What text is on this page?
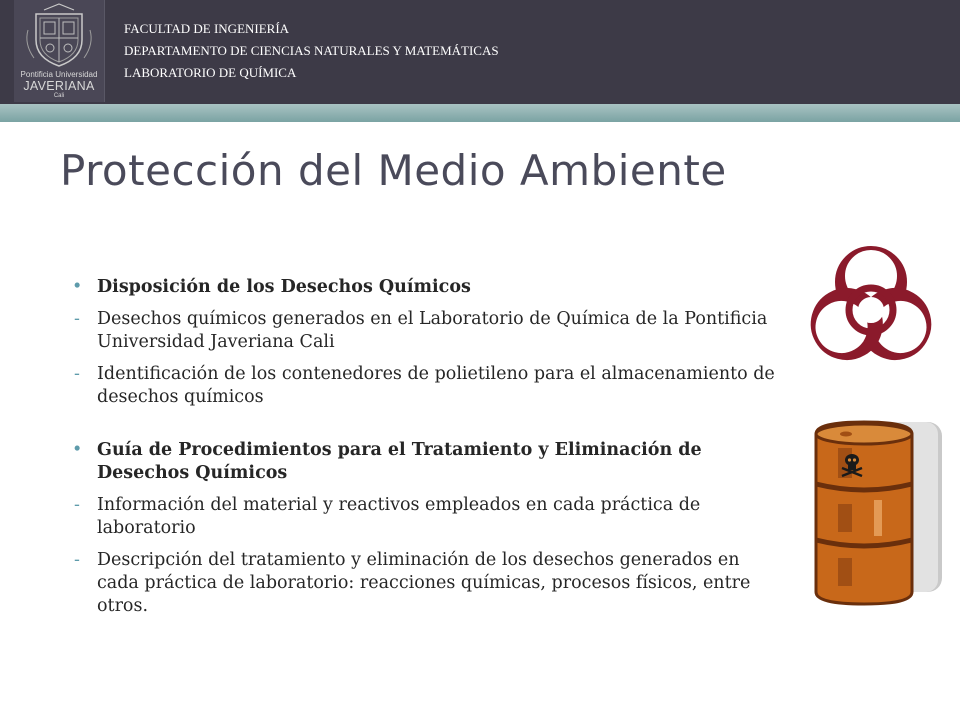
Pontificia Universidad
JAVERIANA
Cali
FACULTAD DE INGENIERÍA
DEPARTAMENTO DE CIENCIAS NATURALES Y MATEMÁTICAS
LABORATORIO DE QUÍMICA
Protección del Medio Ambiente
• Disposición de los Desechos Químicos
- Desechos químicos generados en el Laboratorio de Química de la Pontificia Universidad Javeriana Cali
- Identificación de los contenedores de polietileno para el almacenamiento de desechos químicos
• Guía de Procedimientos para el Tratamiento y Eliminación de Desechos Químicos
- Información del material y reactivos empleados en cada práctica de laboratorio
- Descripción del tratamiento y eliminación de los desechos generados en cada práctica de laboratorio: reacciones químicas, procesos físicos, entre otros.
